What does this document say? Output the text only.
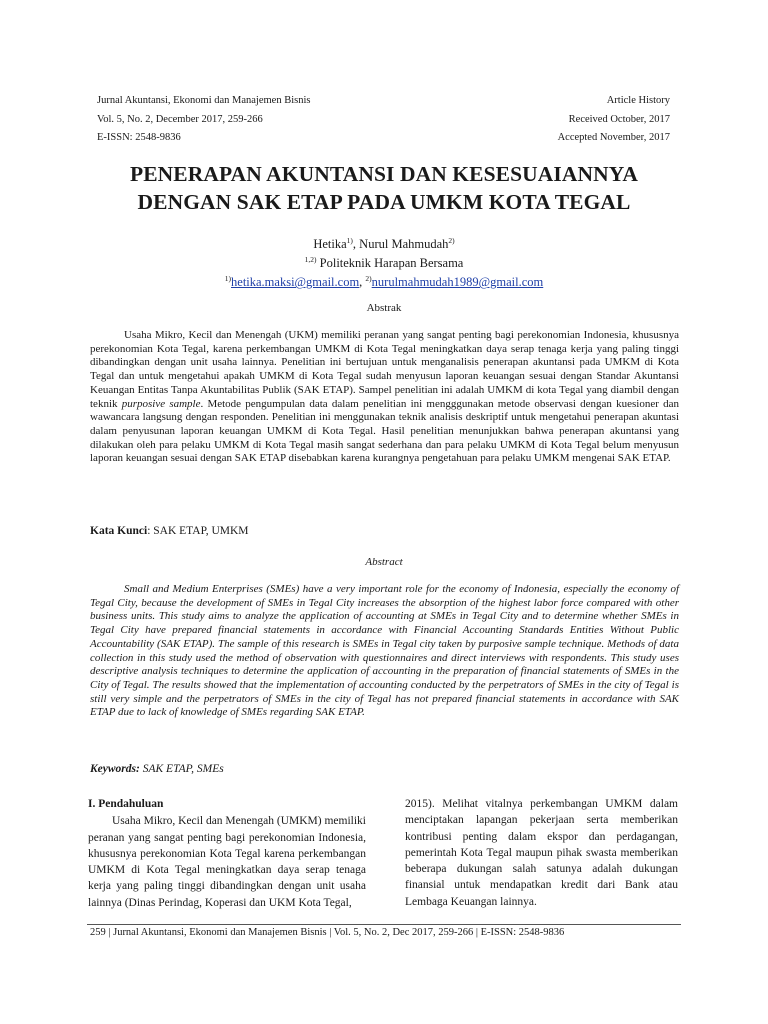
Jurnal Akuntansi, Ekonomi dan Manajemen Bisnis
Vol. 5, No. 2, December 2017, 259-266
E-ISSN: 2548-9836
Article History
Received October, 2017
Accepted November, 2017
PENERAPAN AKUNTANSI DAN KESESUAIANNYA
DENGAN SAK ETAP PADA UMKM KOTA TEGAL
Hetika$^{1)}$, Nurul Mahmudah$^{2)}$
$^{1,2)}$ Politeknik Harapan Bersama
$^{1)}$hetika.maksi@gmail.com, $^{2)}$nurulmahmudah1989@gmail.com
Abstrak
Usaha Mikro, Kecil dan Menengah (UKM) memiliki peranan yang sangat penting bagi perekonomian Indonesia, khususnya perekonomian Kota Tegal, karena perkembangan UMKM di Kota Tegal meningkatkan daya serap tenaga kerja yang paling tinggi dibandingkan dengan unit usaha lainnya. Penelitian ini bertujuan untuk menganalisis penerapan akuntansi pada UMKM di Kota Tegal dan untuk mengetahui apakah UMKM di Kota Tegal sudah menyusun laporan keuangan sesuai dengan Standar Akuntansi Keuangan Entitas Tanpa Akuntabilitas Publik (SAK ETAP). Sampel penelitian ini adalah UMKM di kota Tegal yang diambil dengan teknik purposive sample. Metode pengumpulan data dalam penelitian ini mengggunakan metode observasi dengan kuesioner dan wawancara langsung dengan responden. Penelitian ini menggunakan teknik analisis deskriptif untuk mengetahui penerapan akuntasi dalam penyusunan laporan keuangan UMKM di Kota Tegal. Hasil penelitian menunjukkan bahwa penerapan akuntansi yang dilakukan oleh para pelaku UMKM di Kota Tegal masih sangat sederhana dan para pelaku UMKM di Kota Tegal belum menyusun laporan keuangan sesuai dengan SAK ETAP disebabkan karena kurangnya pengetahuan para pelaku UMKM mengenai SAK ETAP.
Kata Kunci: SAK ETAP, UMKM
Abstract
Small and Medium Enterprises (SMEs) have a very important role for the economy of Indonesia, especially the economy of Tegal City, because the development of SMEs in Tegal City increases the absorption of the highest labor force compared with other business units. This study aims to analyze the application of accounting at SMEs in Tegal City and to determine whether SMEs in Tegal City have prepared financial statements in accordance with Financial Accounting Standards Entities Without Public Accountability (SAK ETAP). The sample of this research is SMEs in Tegal city taken by purposive sample technique. Methods of data collection in this study used the method of observation with questionnaires and direct interviews with respondents. This study uses descriptive analysis techniques to determine the application of accounting in the preparation of financial statements of SMEs in the City of Tegal. The results showed that the implementation of accounting conducted by the perpetrators of SMEs in the city of Tegal is still very simple and the perpetrators of SMEs in the city of Tegal has not prepared financial statements in accordance with SAK ETAP due to lack of knowledge of SMEs regarding SAK ETAP.
Keywords: SAK ETAP, SMEs
I. Pendahuluan
Usaha Mikro, Kecil dan Menengah (UMKM) memiliki peranan yang sangat penting bagi perekonomian Indonesia, khususnya perekonomian Kota Tegal karena perkembangan UMKM di Kota Tegal meningkatkan daya serap tenaga kerja yang paling tinggi dibandingkan dengan unit usaha lainnya (Dinas Perindag, Koperasi dan UKM Kota Tegal,
2015). Melihat vitalnya perkembangan UMKM dalam menciptakan lapangan pekerjaan serta memberikan kontribusi penting dalam ekspor dan perdagangan, pemerintah Kota Tegal maupun pihak swasta memberikan beberapa dukungan salah satunya adalah dukungan finansial untuk mendapatkan kredit dari Bank atau Lembaga Keuangan lainnya.
259 | Jurnal Akuntansi, Ekonomi dan Manajemen Bisnis | Vol. 5, No. 2, Dec 2017, 259-266 | E-ISSN: 2548-9836
